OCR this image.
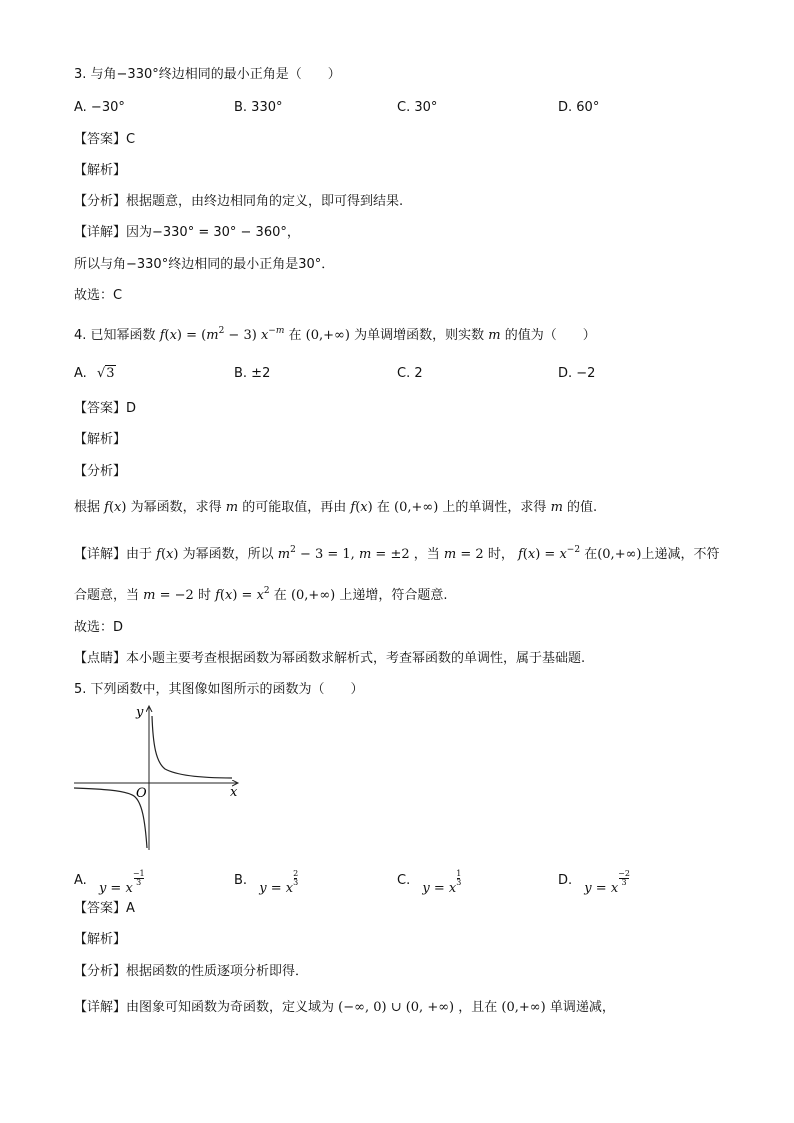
3. 与角−330°终边相同的最小正角是（　　）
A. −30°	B. 330°	C. 30°	D. 60°
【答案】C
【解析】
【分析】根据题意，由终边相同角的定义，即可得到结果.
【详解】因为−330° = 30° − 360°，
所以与角−330°终边相同的最小正角是30°．
故选：C
4. 已知幂函数 $f(x) = (m^2 - 3)$ $x^{-m}$ 在 (0,+∞) 为单调增函数，则实数 m 的值为（　　）
A. √3	B. ±2	C. 2	D. −2
【答案】D
【解析】
【分析】
根据 f(x) 为幂函数，求得 m 的可能取值，再由 f(x) 在 (0,+∞) 上的单调性，求得 m 的值.
【详解】由于 f(x) 为幂函数，所以 $m^2 - 3 = 1$, m = ±2 ，当 m = 2 时， $f(x) = x^{-2}$ 在(0,+∞)上递减，不符
合题意，当 m = −2 时 $f(x) = x^2$ 在 (0,+∞) 上递增，符合题意.
故选：D
【点睛】本小题主要考查根据函数为幂函数求解析式，考查幂函数的单调性，属于基础题.
5. 下列函数中，其图像如图所示的函数为（　　）
y
x
O
A. y = x
$\frac{-1}{3}$	B. y = x
$\frac{2}{3}$	C. y = x
$\frac{1}{3}$	D. y = x
$\frac{-2}{3}$
【答案】A
【解析】
【分析】根据函数的性质逐项分析即得．
【详解】由图象可知函数为奇函数，定义域为 (−∞, 0) ∪ (0, +∞) ，且在 (0,+∞) 单调递减，
